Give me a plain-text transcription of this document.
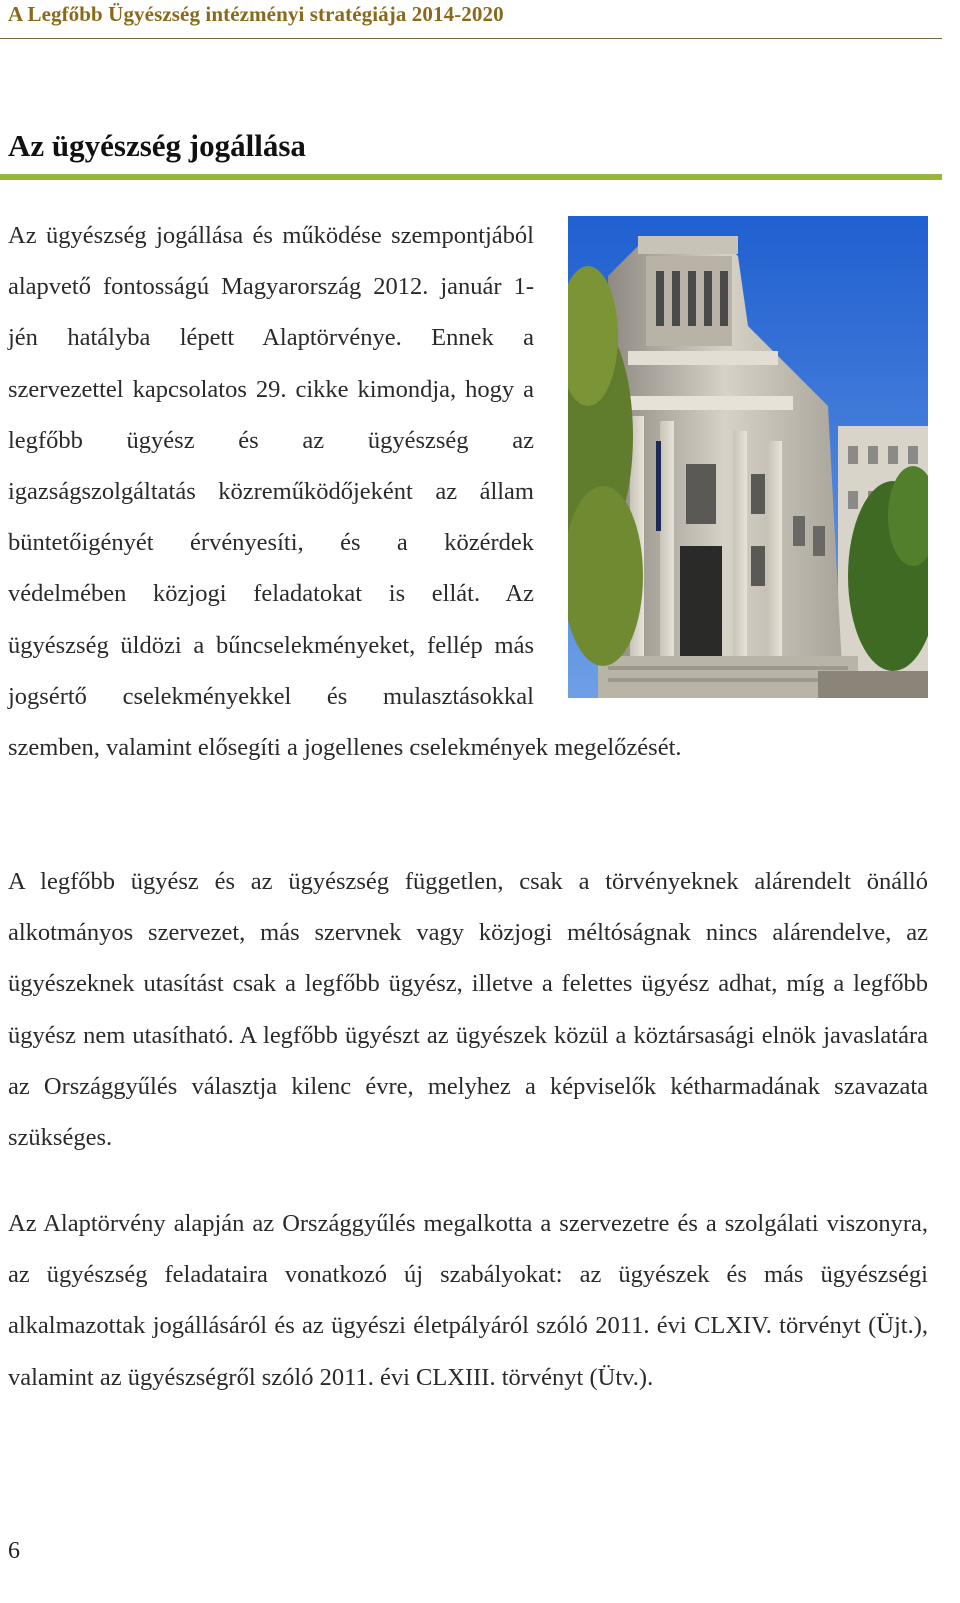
A Legfőbb Ügyészség intézményi stratégiája 2014-2020
Az ügyészség jogállása
Az ügyészség jogállása és működése szempontjából alapvető fontosságú Magyarország 2012. január 1-jén hatályba lépett Alaptörvénye. Ennek a szervezettel kapcsolatos 29. cikke kimondja, hogy a legfőbb ügyész és az ügyészség az igazságszolgáltatás közreműködőjeként az állam büntetőigényét érvényesíti, és a közérdek védelmében közjogi feladatokat is ellát. Az ügyészség üldözi a bűncselekményeket, fellép más jogsértő cselekményekkel és mulasztásokkal szemben, valamint elősegíti a jogellenes cselekmények megelőzését.

A legfőbb ügyész és az ügyészség független, csak a törvényeknek alárendelt önálló alkotmányos szervezet, más szervnek vagy közjogi méltóságnak nincs alárendelve, az ügyészeknek utasítást csak a legfőbb ügyész, illetve a felettes ügyész adhat, míg a legfőbb ügyész nem utasítható. A legfőbb ügyészt az ügyészek közül a köztársasági elnök javaslatára az Országgyűlés választja kilenc évre, melyhez a képviselők kétharmadának szavazata szükséges.

Az Alaptörvény alapján az Országgyűlés megalkotta a szervezetre és a szolgálati viszonyra, az ügyészség feladataira vonatkozó új szabályokat: az ügyészek és más ügyészségi alkalmazottak jogállásáról és az ügyészi életpályáról szóló 2011. évi CLXIV. törvényt (Üjt.), valamint az ügyészségről szóló 2011. évi CLXIII. törvényt (Ütv.).

6
